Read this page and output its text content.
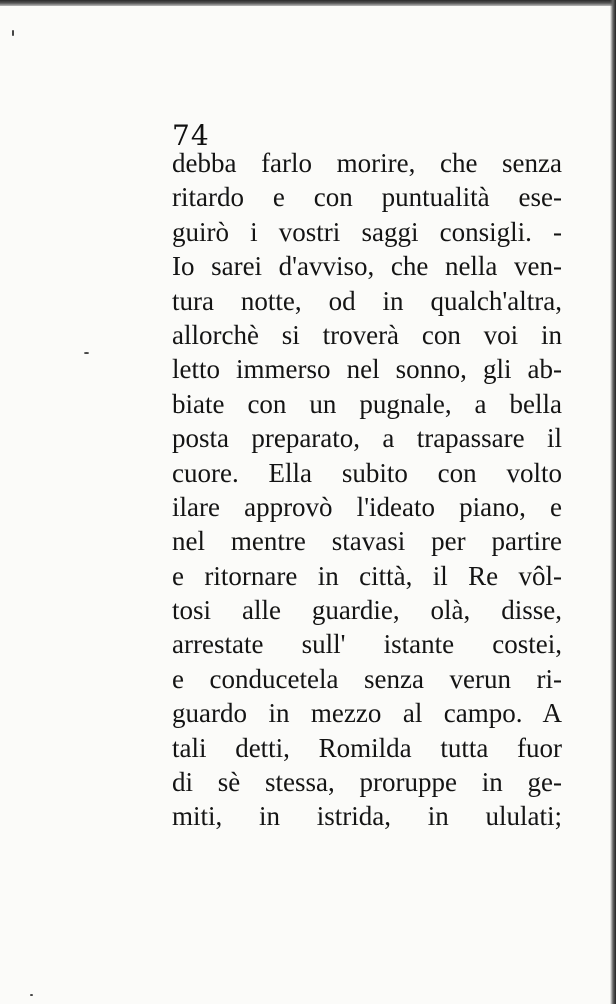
74
debba farlo morire, che senza
ritardo e con puntualità ese-
guirò i vostri saggi consigli. -
Io sarei d'avviso, che nella ven-
tura notte, od in qualch'altra,
allorchè si troverà con voi in
letto immerso nel sonno, gli ab-
biate con un pugnale, a bella
posta preparato, a trapassare il
cuore. Ella subito con volto
ilare approvò l'ideato piano, e
nel mentre stavasi per partire
e ritornare in città, il Re vôl-
tosi alle guardie, olà, disse,
arrestate sull' istante costei,
e conducetela senza verun ri-
guardo in mezzo al campo. A
tali detti, Romilda tutta fuor
di sè stessa, proruppe in ge-
miti, in istrida, in ululati;
